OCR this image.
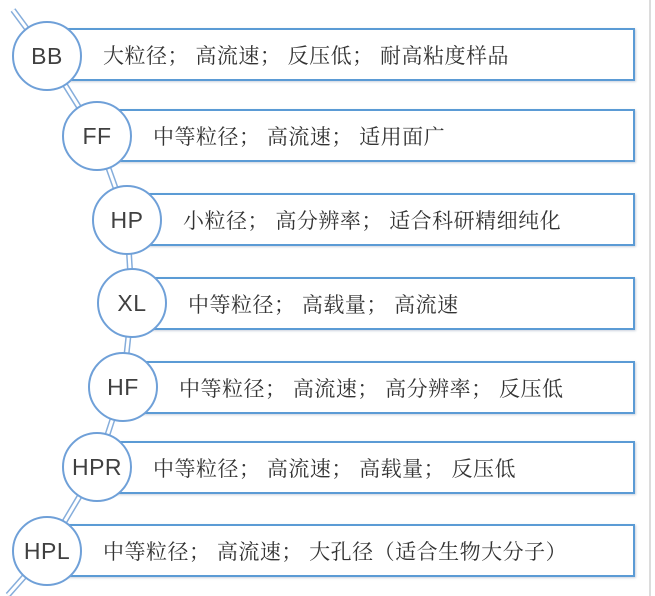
大粒径； 高流速； 反压低； 耐高粘度样品
BB
中等粒径； 高流速； 适用面广
FF
小粒径； 高分辨率； 适合科研精细纯化
HP
中等粒径； 高载量； 高流速
XL
中等粒径； 高流速； 高分辨率； 反压低
HF
中等粒径； 高流速； 高载量； 反压低
HPR
中等粒径； 高流速； 大孔径（适合生物大分子）
HPL
